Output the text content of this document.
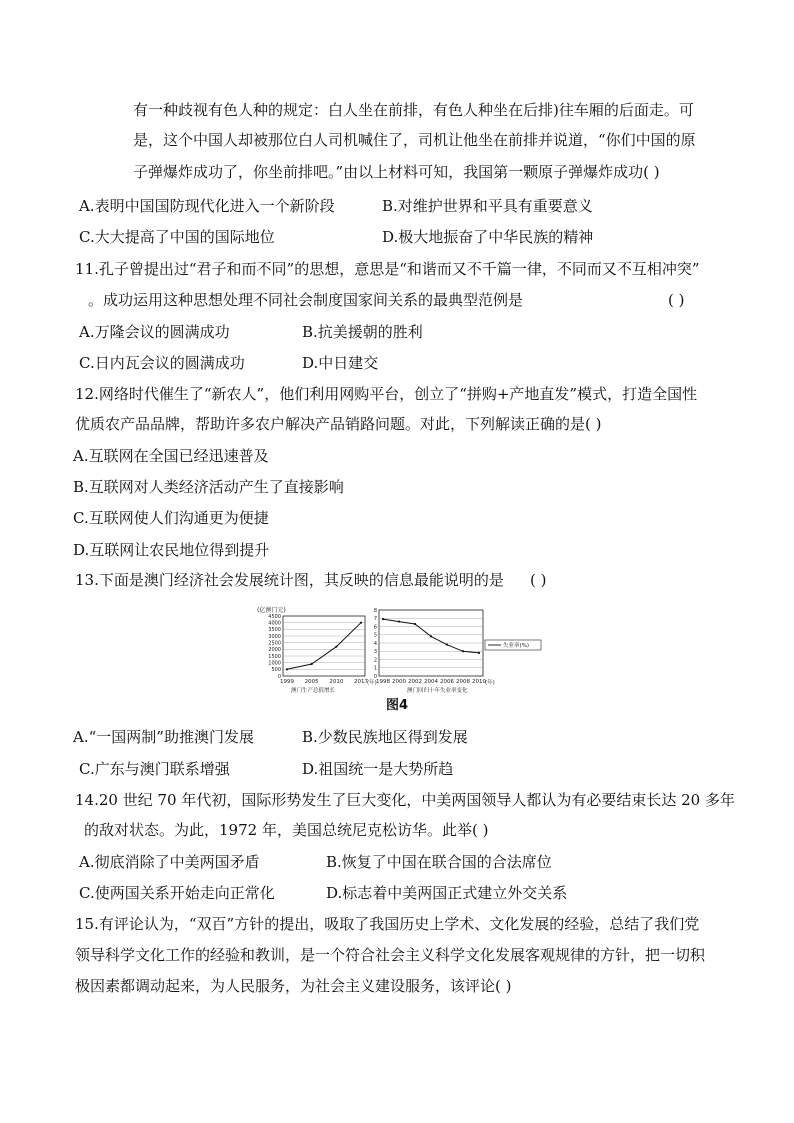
有一种歧视有色人种的规定：白人坐在前排，有色人种坐在后排)往车厢的后面走。可
是，这个中国人却被那位白人司机喊住了，司机让他坐在前排并说道，“你们中国的原
子弹爆炸成功了，你坐前排吧。”由以上材料可知，我国第一颗原子弹爆炸成功( )
A.表明中国国防现代化进入一个新阶段	B.对维护世界和平具有重要意义
C.大大提高了中国的国际地位	D.极大地振奋了中华民族的精神
11.孔子曾提出过“君子和而不同”的思想，意思是“和谐而又不千篇一律，不同而又不互相冲突”
。成功运用这种思想处理不同社会制度国家间关系的最典型范例是	( )
A.万隆会议的圆满成功	B.抗美援朝的胜利
C.日内瓦会议的圆满成功	D.中日建交
12.网络时代催生了“新农人”，他们利用网购平台，创立了“拼购+产地直发”模式，打造全国性
优质农产品品牌，帮助许多农户解决产品销路问题。对此，下列解读正确的是( )
A.互联网在全国已经迅速普及
B.互联网对人类经济活动产生了直接影响
C.互联网使人们沟通更为便捷
D.互联网让农民地位得到提升
13.下面是澳门经济社会发展统计图，其反映的信息最能说明的是 ( )
(亿澳门元)
4500
4000
3500
3000
2500
2000
1500
1000
500
0
1999 2005 2010 2017 (年)
澳门生产总值增长
8
7
6
5
4
3
2
1
0
1998 2000 2002 2004 2006 2008 2010 (年)
澳门回归十年失业率变化
失业率(%)
图4
A.“一国两制”助推澳门发展	B.少数民族地区得到发展
C.广东与澳门联系增强	D.祖国统一是大势所趋
14.20 世纪 70 年代初，国际形势发生了巨大变化，中美两国领导人都认为有必要结束长达 20 多年
的敌对状态。为此，1972 年，美国总统尼克松访华。此举( )
A.彻底消除了中美两国矛盾	B.恢复了中国在联合国的合法席位
C.使两国关系开始走向正常化	D.标志着中美两国正式建立外交关系
15.有评论认为，“双百”方针的提出，吸取了我国历史上学术、文化发展的经验，总结了我们党
领导科学文化工作的经验和教训，是一个符合社会主义科学文化发展客观规律的方针，把一切积
极因素都调动起来，为人民服务，为社会主义建设服务，该评论( )
